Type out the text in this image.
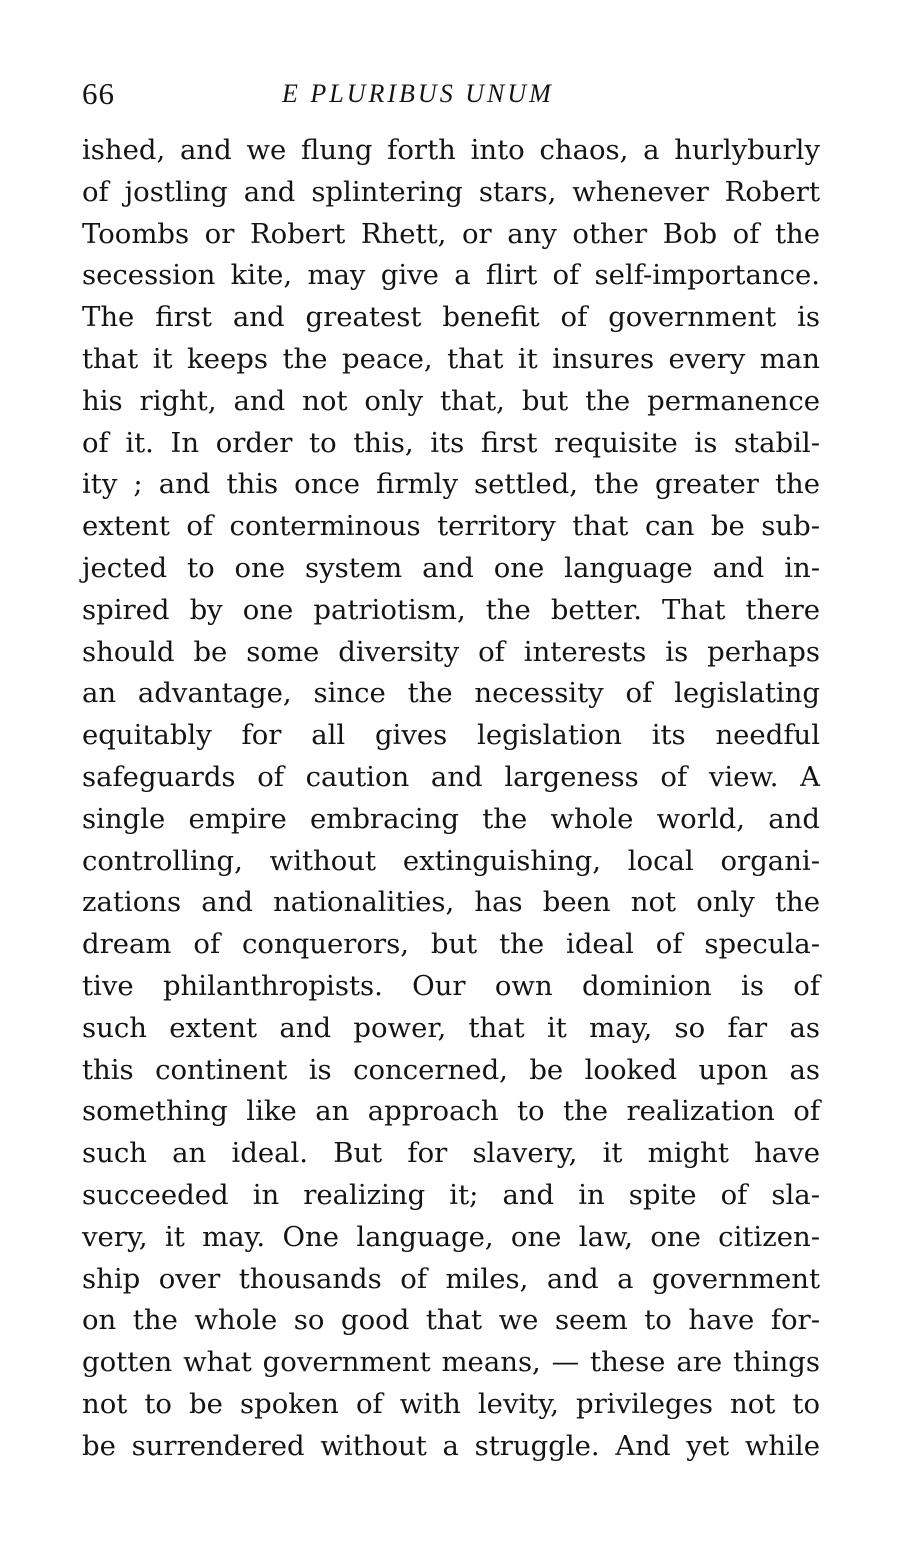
66	E PLURIBUS UNUM
ished, and we flung forth into chaos, a hurlyburly
of jostling and splintering stars, whenever Robert
Toombs or Robert Rhett, or any other Bob of the
secession kite, may give a flirt of self-importance.
The first and greatest benefit of government is
that it keeps the peace, that it insures every man
his right, and not only that, but the permanence
of it. In order to this, its first requisite is stabil-
ity ; and this once firmly settled, the greater the
extent of conterminous territory that can be sub-
jected to one system and one language and in-
spired by one patriotism, the better. That there
should be some diversity of interests is perhaps
an advantage, since the necessity of legislating
equitably for all gives legislation its needful
safeguards of caution and largeness of view. A
single empire embracing the whole world, and
controlling, without extinguishing, local organi-
zations and nationalities, has been not only the
dream of conquerors, but the ideal of specula-
tive philanthropists. Our own dominion is of
such extent and power, that it may, so far as
this continent is concerned, be looked upon as
something like an approach to the realization of
such an ideal. But for slavery, it might have
succeeded in realizing it; and in spite of sla-
very, it may. One language, one law, one citizen-
ship over thousands of miles, and a government
on the whole so good that we seem to have for-
gotten what government means, — these are things
not to be spoken of with levity, privileges not to
be surrendered without a struggle. And yet while
